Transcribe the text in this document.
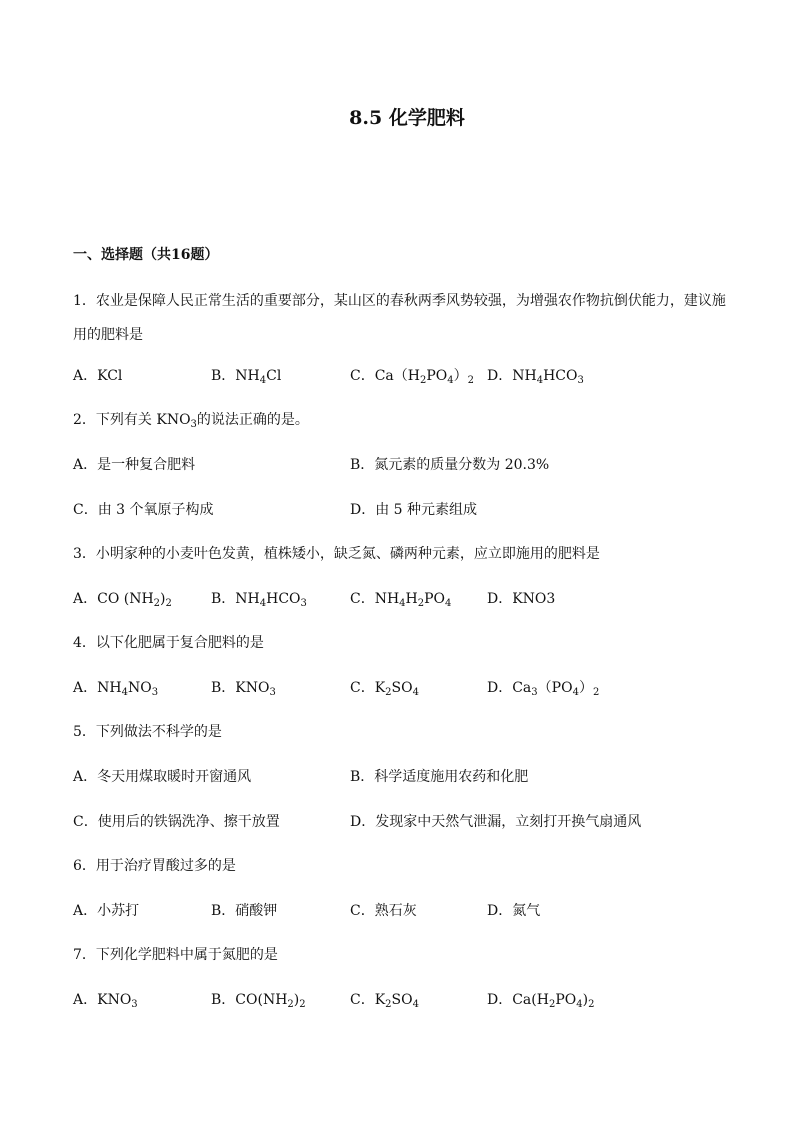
8.5 化学肥料
一、选择题（共16题）
1．农业是保障人民正常生活的重要部分，某山区的春秋两季风势较强，为增强农作物抗倒伏能力，建议施用的肥料是
A．KCl	B．$NH_4Cl$	C．$Ca(H_2PO_4)_2$ D．$NH_4HCO_3$
2．下列有关 $KNO_3$的说法正确的是。
A．是一种复合肥料	B．氮元素的质量分数为 20.3%
C．由 3 个氧原子构成	D．由 5 种元素组成
3．小明家种的小麦叶色发黄，植株矮小，缺乏氮、磷两种元素，应立即施用的肥料是
A．CO $(NH_2)_2$	B．$NH_4HCO_3$	C．$NH_4H_2PO_4$	D．KNO3
4．以下化肥属于复合肥料的是
A．$NH_4NO_3$	B．$KNO_3$	C．$K_2SO_4$	D．$Ca_3(PO_4)_2$
5．下列做法不科学的是
A．冬天用煤取暖时开窗通风	B．科学适度施用农药和化肥
C．使用后的铁锅洗净、擦干放置	D．发现家中天然气泄漏，立刻打开换气扇通风
6．用于治疗胃酸过多的是
A．小苏打	B．硝酸钾	C．熟石灰	D．氮气
7．下列化学肥料中属于氮肥的是
A．$KNO_3$	B．$CO(NH_2)_2$	C．$K_2SO_4$	D．$Ca(H_2PO_4)_2$
